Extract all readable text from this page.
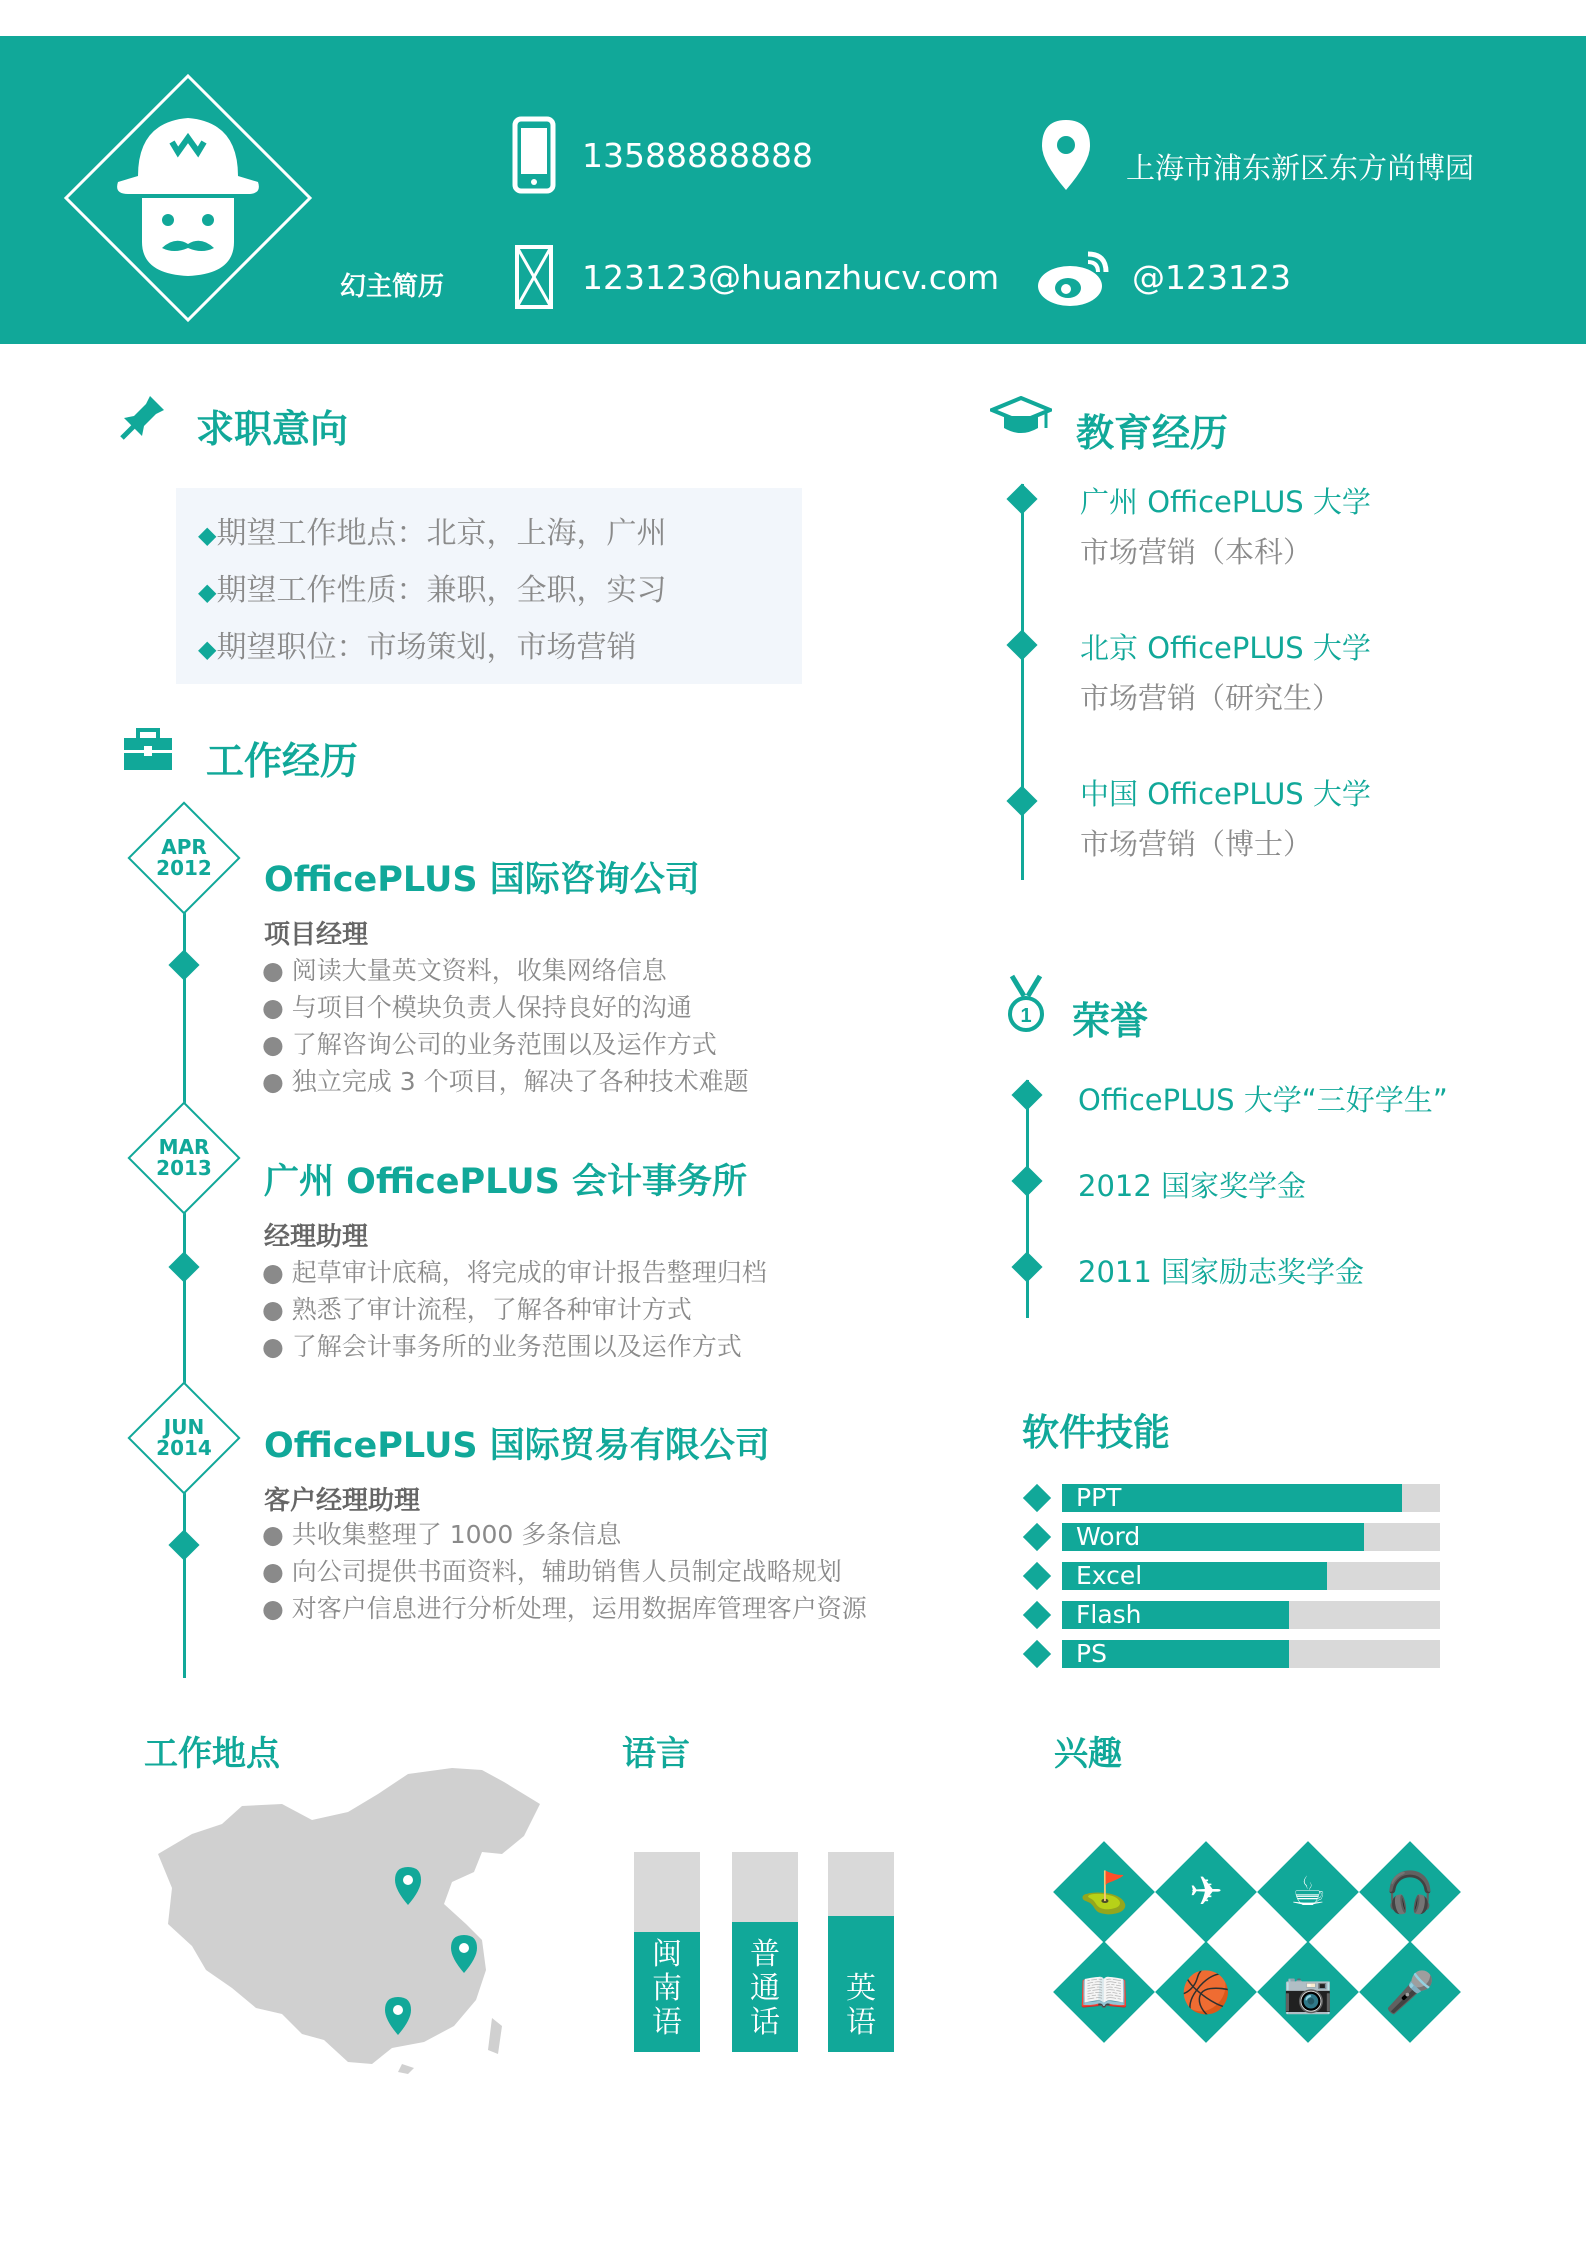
幻主简历
13588888888
123123@huanzhucv.com
上海市浦东新区东方尚博园
@123123
求职意向
◆期望工作地点：北京，上海，广州
◆期望工作性质：兼职，全职，实习
◆期望职位：市场策划，市场营销
工作经历
APR
2012	OfficePLUS 国际咨询公司
项目经理
● 阅读大量英文资料，收集网络信息
● 与项目个模块负责人保持良好的沟通
● 了解咨询公司的业务范围以及运作方式
● 独立完成 3 个项目，解决了各种技术难题
MAR
2013	广州 OfficePLUS 会计事务所
经理助理
● 起草审计底稿，将完成的审计报告整理归档
● 熟悉了审计流程，了解各种审计方式
● 了解会计事务所的业务范围以及运作方式
JUN
2014	OfficePLUS 国际贸易有限公司
客户经理助理
● 共收集整理了 1000 多条信息
● 向公司提供书面资料，辅助销售人员制定战略规划
● 对客户信息进行分析处理，运用数据库管理客户资源
教育经历
广州 OfficePLUS 大学
市场营销（本科）
北京 OfficePLUS 大学
市场营销（研究生）
中国 OfficePLUS 大学
市场营销（博士）
1 荣誉
OfficePLUS 大学“三好学生”
2012 国家奖学金
2011 国家励志奖学金
软件技能
PPT
Word
Excel
Flash
PS
工作地点	语言
闽南语
普通话
英语
兴趣
⛳	✈	☕	🎧
📖	🏀	📷	🎤
